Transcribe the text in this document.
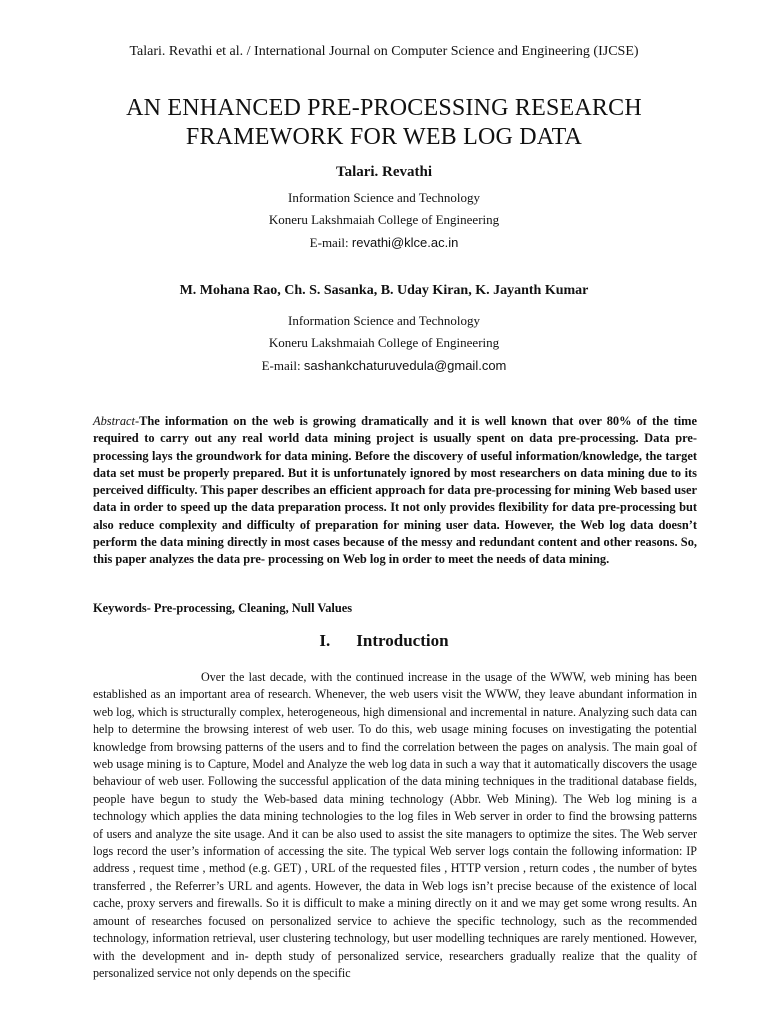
Talari. Revathi et al. / International Journal on Computer Science and Engineering (IJCSE)
AN ENHANCED PRE-PROCESSING RESEARCH
FRAMEWORK FOR WEB LOG DATA
Talari. Revathi
Information Science and Technology
Koneru Lakshmaiah College of Engineering
E-mail: revathi@klce.ac.in
M. Mohana Rao, Ch. S. Sasanka, B. Uday Kiran, K. Jayanth Kumar
Information Science and Technology
Koneru Lakshmaiah College of Engineering
E-mail: sashankchaturuvedula@gmail.com
Abstract-The information on the web is growing dramatically and it is well known that over 80% of the time required to carry out any real world data mining project is usually spent on data pre-processing. Data pre-processing lays the groundwork for data mining. Before the discovery of useful information/knowledge, the target data set must be properly prepared. But it is unfortunately ignored by most researchers on data mining due to its perceived difficulty. This paper describes an efficient approach for data pre-processing for mining Web based user data in order to speed up the data preparation process. It not only provides flexibility for data pre-processing but also reduce complexity and difficulty of preparation for mining user data. However, the Web log data doesn’t perform the data mining directly in most cases because of the messy and redundant content and other reasons. So, this paper analyzes the data pre- processing on Web log in order to meet the needs of data mining.
Keywords- Pre-processing, Cleaning, Null Values
I. Introduction

Over the last decade, with the continued increase in the usage of the WWW, web mining has been established as an important area of research. Whenever, the web users visit the WWW, they leave abundant information in web log, which is structurally complex, heterogeneous, high dimensional and incremental in nature. Analyzing such data can help to determine the browsing interest of web user. To do this, web usage mining focuses on investigating the potential knowledge from browsing patterns of the users and to find the correlation between the pages on analysis. The main goal of web usage mining is to Capture, Model and Analyze the web log data in such a way that it automatically discovers the usage behaviour of web user. Following the successful application of the data mining techniques in the traditional database fields, people have begun to study the Web-based data mining technology (Abbr. Web Mining). The Web log mining is a technology which applies the data mining technologies to the log files in Web server in order to find the browsing patterns of users and analyze the site usage. And it can be also used to assist the site managers to optimize the sites. The Web server logs record the user’s information of accessing the site. The typical Web server logs contain the following information: IP address , request time , method (e.g. GET) , URL of the requested files , HTTP version , return codes , the number of bytes transferred , the Referrer’s URL and agents. However, the data in Web logs isn’t precise because of the existence of local cache, proxy servers and firewalls. So it is difficult to make a mining directly on it and we may get some wrong results. An amount of researches focused on personalized service to achieve the specific technology, such as the recommended technology, information retrieval, user clustering technology, but user modelling techniques are rarely mentioned. However, with the development and in- depth study of personalized service, researchers gradually realize that the quality of personalized service not only depends on the specific
